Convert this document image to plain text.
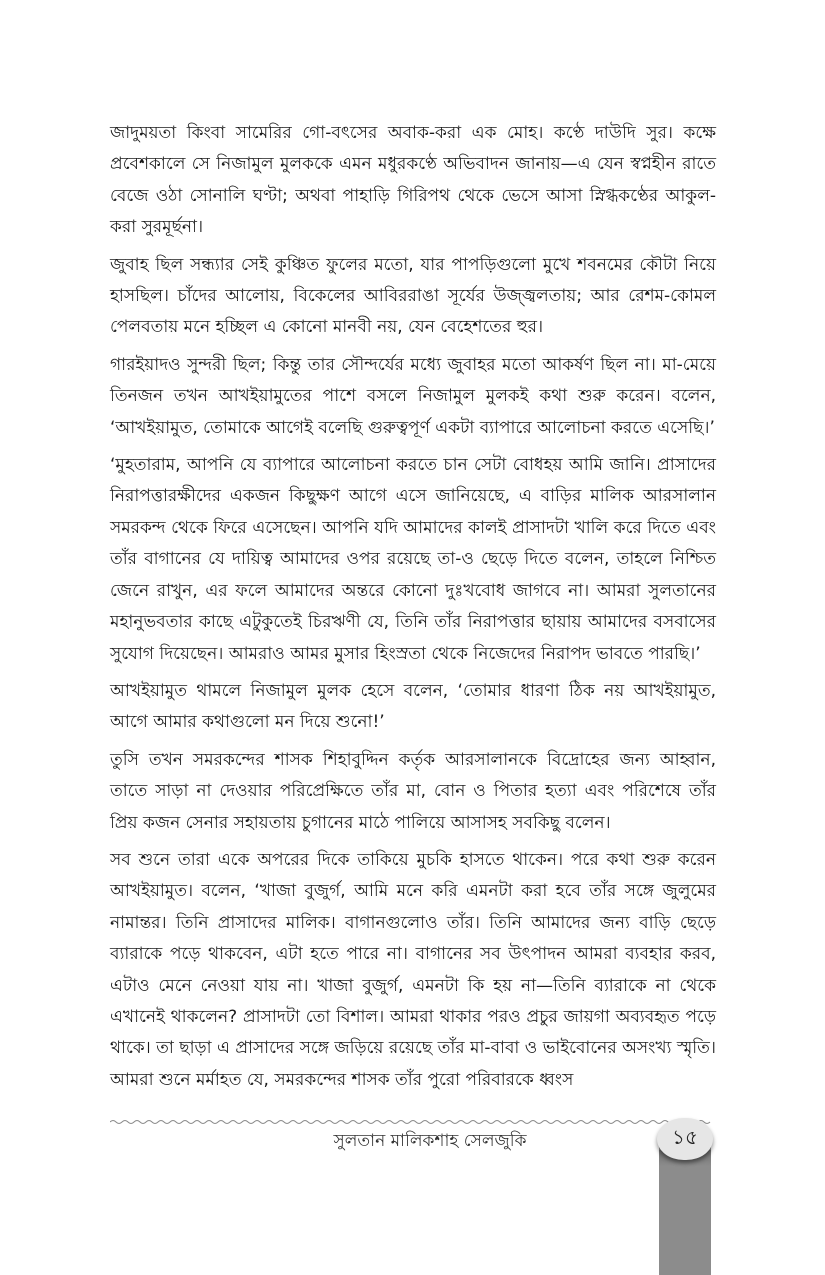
জাদুময়তা কিংবা সামেরির গো-বৎসের অবাক-করা এক মোহ। কণ্ঠে দাউদি সুর। কক্ষে প্রবেশকালে সে নিজামুল মুলককে এমন মধুরকণ্ঠে অভিবাদন জানায়—এ যেন স্বপ্নহীন রাতে বেজে ওঠা সোনালি ঘণ্টা; অথবা পাহাড়ি গিরিপথ থেকে ভেসে আসা স্নিগ্ধকণ্ঠের আকুল-করা সুরমূর্ছনা।

জুবাহ ছিল সন্ধ্যার সেই কুঞ্চিত ফুলের মতো, যার পাপড়িগুলো মুখে শবনমের কৌটা নিয়ে হাসছিল। চাঁদের আলোয়, বিকেলের আবিররাঙা সূর্যের উজ্জ্বলতায়; আর রেশম-কোমল পেলবতায় মনে হচ্ছিল এ কোনো মানবী নয়, যেন বেহেশতের হুর।

গারইয়াদও সুন্দরী ছিল; কিন্তু তার সৌন্দর্যের মধ্যে জুবাহর মতো আকর্ষণ ছিল না। মা-মেয়ে তিনজন তখন আখইয়ামুতের পাশে বসলে নিজামুল মুলকই কথা শুরু করেন। বলেন, ‘আখইয়ামুত, তোমাকে আগেই বলেছি গুরুত্বপূর্ণ একটা ব্যাপারে আলোচনা করতে এসেছি।’

‘মুহতারাম, আপনি যে ব্যাপারে আলোচনা করতে চান সেটা বোধহয় আমি জানি। প্রাসাদের নিরাপত্তারক্ষীদের একজন কিছুক্ষণ আগে এসে জানিয়েছে, এ বাড়ির মালিক আরসালান সমরকন্দ থেকে ফিরে এসেছেন। আপনি যদি আমাদের কালই প্রাসাদটা খালি করে দিতে এবং তাঁর বাগানের যে দায়িত্ব আমাদের ওপর রয়েছে তা-ও ছেড়ে দিতে বলেন, তাহলে নিশ্চিত জেনে রাখুন, এর ফলে আমাদের অন্তরে কোনো দুঃখবোধ জাগবে না। আমরা সুলতানের মহানুভবতার কাছে এটুকুতেই চিরঋণী যে, তিনি তাঁর নিরাপত্তার ছায়ায় আমাদের বসবাসের সুযোগ দিয়েছেন। আমরাও আমর মুসার হিংস্রতা থেকে নিজেদের নিরাপদ ভাবতে পারছি।’

আখইয়ামুত থামলে নিজামুল মুলক হেসে বলেন, ‘তোমার ধারণা ঠিক নয় আখইয়ামুত, আগে আমার কথাগুলো মন দিয়ে শুনো!’

তুসি তখন সমরকন্দের শাসক শিহাবুদ্দিন কর্তৃক আরসালানকে বিদ্রোহের জন্য আহ্বান, তাতে সাড়া না দেওয়ার পরিপ্রেক্ষিতে তাঁর মা, বোন ও পিতার হত্যা এবং পরিশেষে তাঁর প্রিয় কজন সেনার সহায়তায় চুগানের মাঠে পালিয়ে আসাসহ সবকিছু বলেন।

সব শুনে তারা একে অপরের দিকে তাকিয়ে মুচকি হাসতে থাকেন। পরে কথা শুরু করেন আখইয়ামুত। বলেন, ‘খাজা বুজুর্গ, আমি মনে করি এমনটা করা হবে তাঁর সঙ্গে জুলুমের নামান্তর। তিনি প্রাসাদের মালিক। বাগানগুলোও তাঁর। তিনি আমাদের জন্য বাড়ি ছেড়ে ব্যারাকে পড়ে থাকবেন, এটা হতে পারে না। বাগানের সব উৎপাদন আমরা ব্যবহার করব, এটাও মেনে নেওয়া যায় না। খাজা বুজুর্গ, এমনটা কি হয় না—তিনি ব্যারাকে না থেকে এখানেই থাকলেন? প্রাসাদটা তো বিশাল। আমরা থাকার পরও প্রচুর জায়গা অব্যবহৃত পড়ে থাকে। তা ছাড়া এ প্রাসাদের সঙ্গে জড়িয়ে রয়েছে তাঁর মা-বাবা ও ভাইবোনের অসংখ্য স্মৃতি। আমরা শুনে মর্মাহত যে, সমরকন্দের শাসক তাঁর পুরো পরিবারকে ধ্বংস

সুলতান মালিকশাহ সেলজুকি	১৫
